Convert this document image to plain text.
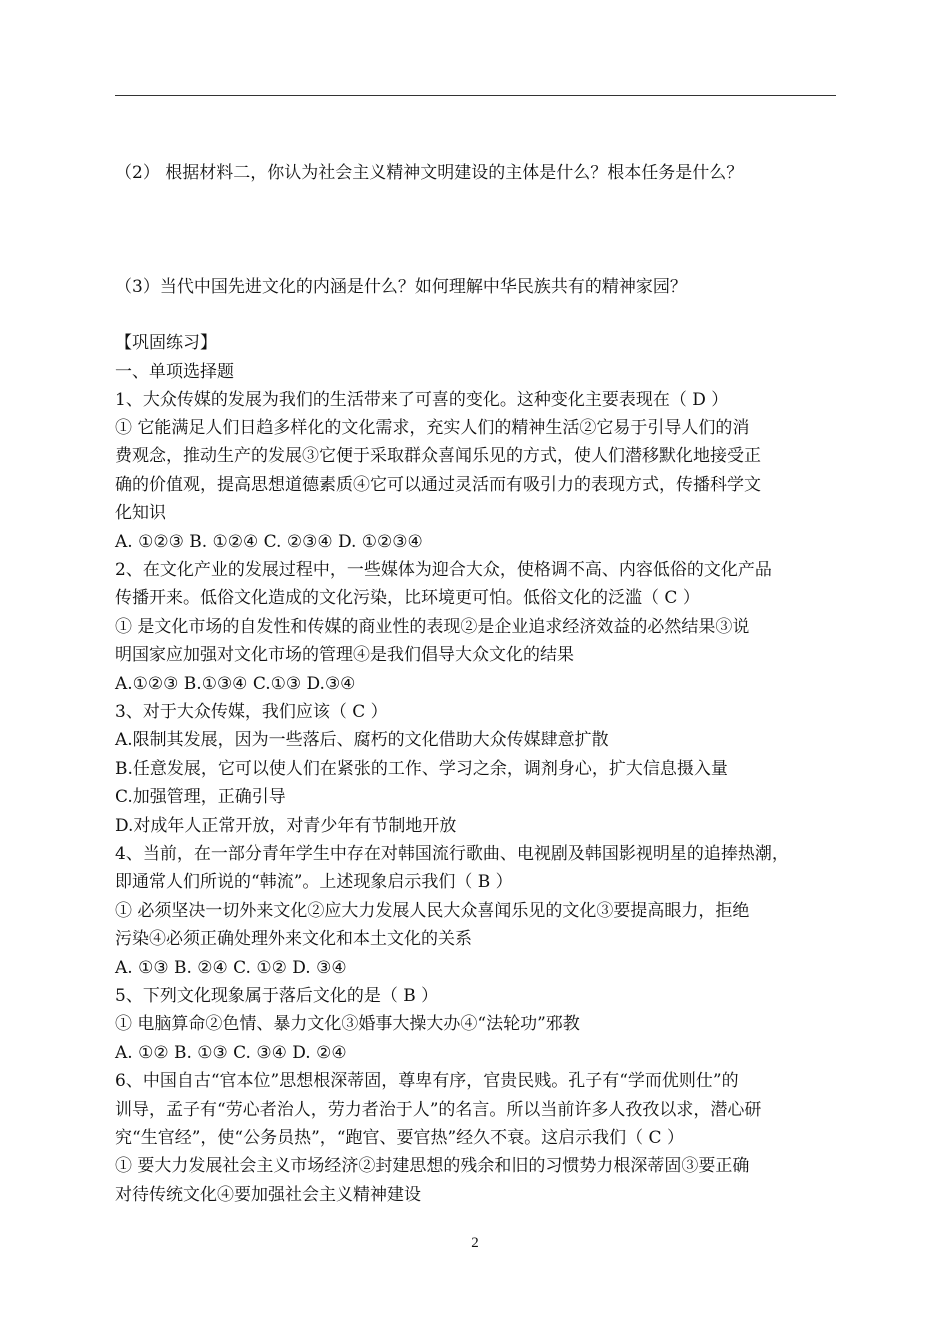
（2） 根据材料二，你认为社会主义精神文明建设的主体是什么？根本任务是什么？
（3）当代中国先进文化的内涵是什么？如何理解中华民族共有的精神家园？
【巩固练习】
一、单项选择题
1、大众传媒的发展为我们的生活带来了可喜的变化。这种变化主要表现在（ D ）
① 它能满足人们日趋多样化的文化需求，充实人们的精神生活②它易于引导人们的消
费观念，推动生产的发展③它便于采取群众喜闻乐见的方式，使人们潜移默化地接受正
确的价值观，提高思想道德素质④它可以通过灵活而有吸引力的表现方式，传播科学文
化知识
A. ①②③ B. ①②④ C. ②③④ D. ①②③④
2、在文化产业的发展过程中，一些媒体为迎合大众，使格调不高、内容低俗的文化产品
传播开来。低俗文化造成的文化污染，比环境更可怕。低俗文化的泛滥（ C ）
① 是文化市场的自发性和传媒的商业性的表现②是企业追求经济效益的必然结果③说
明国家应加强对文化市场的管理④是我们倡导大众文化的结果
A.①②③ B.①③④ C.①③ D.③④
3、对于大众传媒，我们应该（ C ）
A.限制其发展，因为一些落后、腐朽的文化借助大众传媒肆意扩散
B.任意发展，它可以使人们在紧张的工作、学习之余，调剂身心，扩大信息摄入量
C.加强管理，正确引导
D.对成年人正常开放，对青少年有节制地开放
4、当前，在一部分青年学生中存在对韩国流行歌曲、电视剧及韩国影视明星的追捧热潮，
即通常人们所说的“韩流”。上述现象启示我们（ B ）
① 必须坚决一切外来文化②应大力发展人民大众喜闻乐见的文化③要提高眼力，拒绝
污染④必须正确处理外来文化和本土文化的关系
A. ①③ B. ②④ C. ①② D. ③④
5、下列文化现象属于落后文化的是（ B ）
① 电脑算命②色情、暴力文化③婚事大操大办④“法轮功”邪教
A. ①② B. ①③ C. ③④ D. ②④
6、中国自古“官本位”思想根深蒂固，尊卑有序，官贵民贱。孔子有“学而优则仕”的
训导，孟子有“劳心者治人，劳力者治于人”的名言。所以当前许多人孜孜以求，潜心研
究“生官经”，使“公务员热”，“跑官、要官热”经久不衰。这启示我们（ C ）
① 要大力发展社会主义市场经济②封建思想的残余和旧的习惯势力根深蒂固③要正确
对待传统文化④要加强社会主义精神建设
2
